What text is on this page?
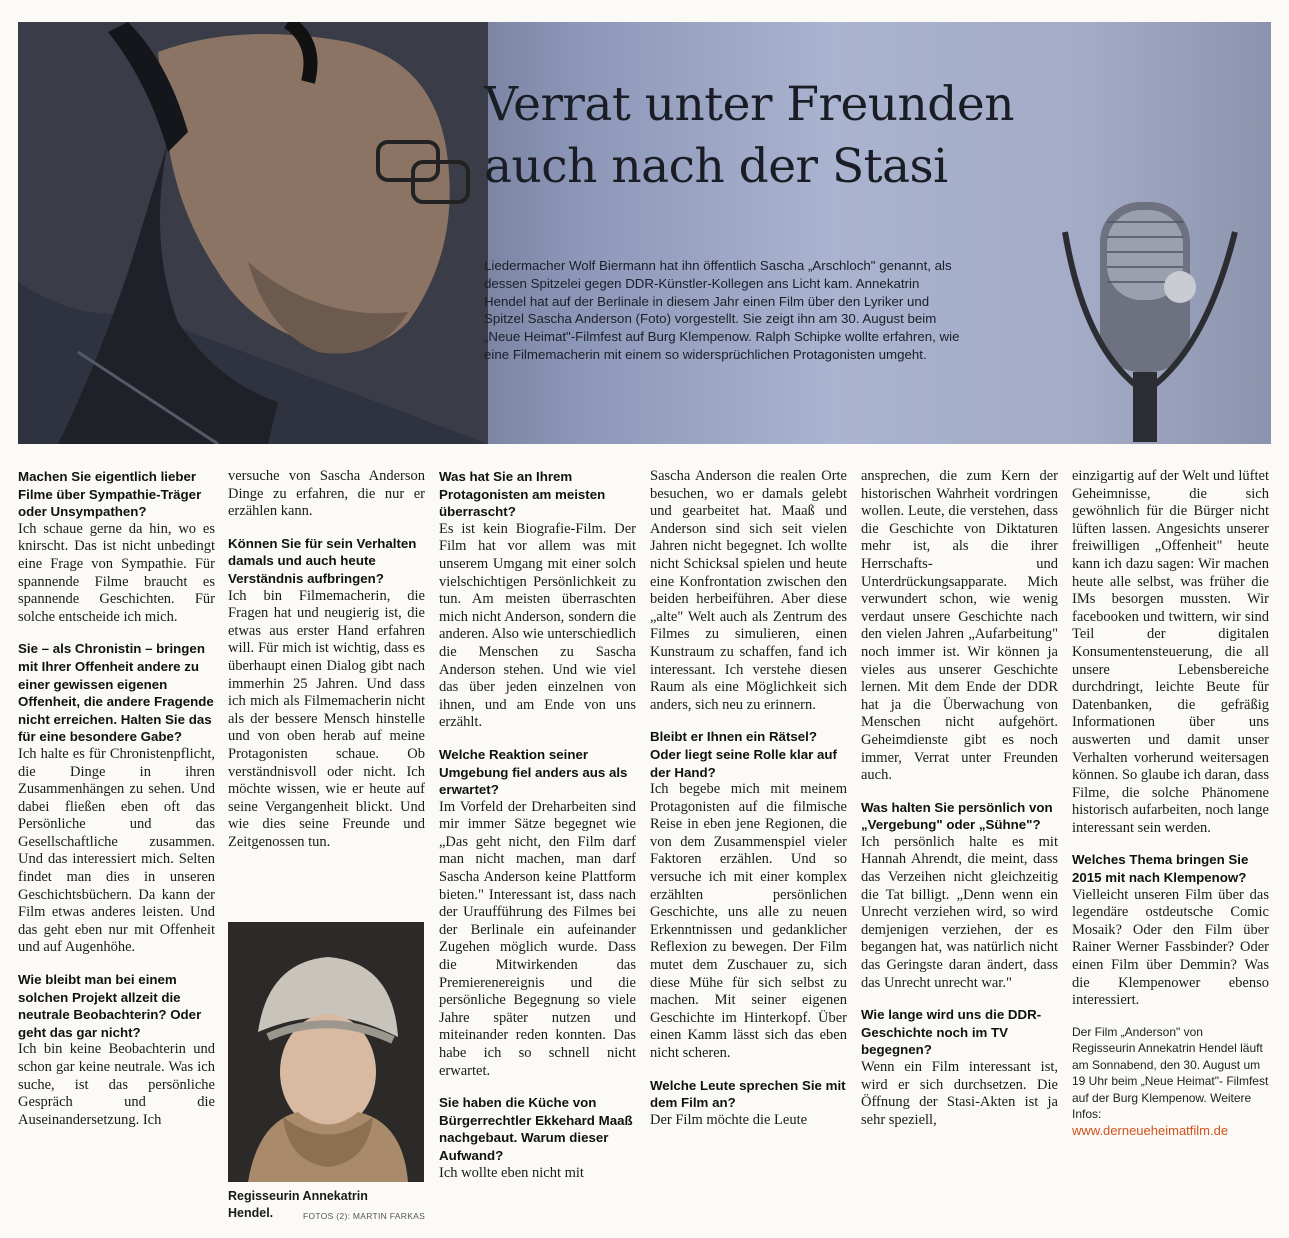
Verrat unter Freunden
auch nach der Stasi

Liedermacher Wolf Biermann hat ihn öffentlich Sascha „Arschloch" genannt, als dessen Spitzelei gegen DDR-Künstler-Kollegen ans Licht kam. Annekatrin Hendel hat auf der Berlinale in diesem Jahr einen Film über den Lyriker und Spitzel Sascha Anderson (Foto) vorgestellt. Sie zeigt ihn am 30. August beim „Neue Heimat"-Filmfest auf Burg Klempenow. Ralph Schipke wollte erfahren, wie eine Filmemacherin mit einem so widersprüchlichen Protagonisten umgeht.

Machen Sie eigentlich lieber Filme über Sympathie-Träger oder Unsympathen?

Ich schaue gerne da hin, wo es knirscht. Das ist nicht unbedingt eine Frage von Sympathie. Für spannende Filme braucht es spannende Geschichten. Für solche entscheide ich mich.

Sie – als Chronistin – bringen mit Ihrer Offenheit andere zu einer gewissen eigenen Offenheit, die andere Fragende nicht erreichen. Halten Sie das für eine besondere Gabe?

Ich halte es für Chronistenpflicht, die Dinge in ihren Zusammenhängen zu sehen. Und dabei fließen eben oft das Persönliche und das Gesellschaftliche zusammen. Und das interessiert mich. Selten findet man dies in unseren Geschichtsbüchern. Da kann der Film etwas anderes leisten. Und das geht eben nur mit Offenheit und auf Augenhöhe.

Wie bleibt man bei einem solchen Projekt allzeit die neutrale Beobachterin? Oder geht das gar nicht?

Ich bin keine Beobachterin und schon gar keine neutrale. Was ich suche, ist das persönliche Gespräch und die Auseinandersetzung. Ich

versuche von Sascha Anderson Dinge zu erfahren, die nur er erzählen kann.

Können Sie für sein Verhalten damals und auch heute Verständnis aufbringen?

Ich bin Filmemacherin, die Fragen hat und neugierig ist, die etwas aus erster Hand erfahren will. Für mich ist wichtig, dass es überhaupt einen Dialog gibt nach immerhin 25 Jahren. Und dass ich mich als Filmemacherin nicht als der bessere Mensch hinstelle und von oben herab auf meine Protagonisten schaue. Ob verständnisvoll oder nicht. Ich möchte wissen, wie er heute auf seine Vergangenheit blickt. Und wie dies seine Freunde und Zeitgenossen tun.

Regisseurin Annekatrin Hendel.	FOTOS (2): MARTIN FARKAS
Was hat Sie an Ihrem Protagonisten am meisten überrascht?

Es ist kein Biografie-Film. Der Film hat vor allem was mit unserem Umgang mit einer solch vielschichtigen Persönlichkeit zu tun. Am meisten überraschten mich nicht Anderson, sondern die anderen. Also wie unterschiedlich die Menschen zu Sascha Anderson stehen. Und wie viel das über jeden einzelnen von ihnen, und am Ende von uns erzählt.

Welche Reaktion seiner Umgebung fiel anders aus als erwartet?

Im Vorfeld der Dreharbeiten sind mir immer Sätze begegnet wie „Das geht nicht, den Film darf man nicht machen, man darf Sascha Anderson keine Plattform bieten." Interessant ist, dass nach der Uraufführung des Filmes bei der Berlinale ein aufeinander Zugehen möglich wurde. Dass die Mitwirkenden das Premierenereignis und die persönliche Begegnung so viele Jahre später nutzen und miteinander reden konnten. Das habe ich so schnell nicht erwartet.

Sie haben die Küche von Bürgerrechtler Ekkehard Maaß nachgebaut. Warum dieser Aufwand?

Ich wollte eben nicht mit

Sascha Anderson die realen Orte besuchen, wo er damals gelebt und gearbeitet hat. Maaß und Anderson sind sich seit vielen Jahren nicht begegnet. Ich wollte nicht Schicksal spielen und heute eine Konfrontation zwischen den beiden herbeiführen. Aber diese „alte" Welt auch als Zentrum des Filmes zu simulieren, einen Kunstraum zu schaffen, fand ich interessant. Ich verstehe diesen Raum als eine Möglichkeit sich anders, sich neu zu erinnern.

Bleibt er Ihnen ein Rätsel? Oder liegt seine Rolle klar auf der Hand?

Ich begebe mich mit meinem Protagonisten auf die filmische Reise in eben jene Regionen, die von dem Zusammenspiel vieler Faktoren erzählen. Und so versuche ich mit einer komplex erzählten persönlichen Geschichte, uns alle zu neuen Erkenntnissen und gedanklicher Reflexion zu bewegen. Der Film mutet dem Zuschauer zu, sich diese Mühe für sich selbst zu machen. Mit seiner eigenen Geschichte im Hinterkopf. Über einen Kamm lässt sich das eben nicht scheren.

Welche Leute sprechen Sie mit dem Film an?

Der Film möchte die Leute

ansprechen, die zum Kern der historischen Wahrheit vordringen wollen. Leute, die verstehen, dass die Geschichte von Diktaturen mehr ist, als die ihrer Herrschafts- und Unterdrückungsapparate. Mich verwundert schon, wie wenig verdaut unsere Geschichte nach den vielen Jahren „Aufarbeitung" noch immer ist. Wir können ja vieles aus unserer Geschichte lernen. Mit dem Ende der DDR hat ja die Überwachung von Menschen nicht aufgehört. Geheimdienste gibt es noch immer, Verrat unter Freunden auch.

Was halten Sie persönlich von „Vergebung" oder „Sühne"?

Ich persönlich halte es mit Hannah Ahrendt, die meint, dass das Verzeihen nicht gleichzeitig die Tat billigt. „Denn wenn ein Unrecht verziehen wird, so wird demjenigen verziehen, der es begangen hat, was natürlich nicht das Geringste daran ändert, dass das Unrecht unrecht war."

Wie lange wird uns die DDR-Geschichte noch im TV begegnen?

Wenn ein Film interessant ist, wird er sich durchsetzen. Die Öffnung der Stasi-Akten ist ja sehr speziell,

einzigartig auf der Welt und lüftet Geheimnisse, die sich gewöhnlich für die Bürger nicht lüften lassen. Angesichts unserer freiwilligen „Offenheit" heute kann ich dazu sagen: Wir machen heute alle selbst, was früher die IMs besorgen mussten. Wir facebooken und twittern, wir sind Teil der digitalen Konsumentensteuerung, die all unsere Lebensbereiche durchdringt, leichte Beute für Datenbanken, die gefräßig Informationen über uns auswerten und damit unser Verhalten vorherund weitersagen können. So glaube ich daran, dass Filme, die solche Phänomene historisch aufarbeiten, noch lange interessant sein werden.

Welches Thema bringen Sie 2015 mit nach Klempenow?

Vielleicht unseren Film über das legendäre ostdeutsche Comic Mosaik? Oder den Film über Rainer Werner Fassbinder? Oder einen Film über Demmin? Was die Klempenower ebenso interessiert.

Der Film „Anderson" von Regisseurin Annekatrin Hendel läuft am Sonnabend, den 30. August um 19 Uhr beim „Neue Heimat"- Filmfest auf der Burg Klempenow. Weitere Infos:
www.derneueheimatfilm.de
